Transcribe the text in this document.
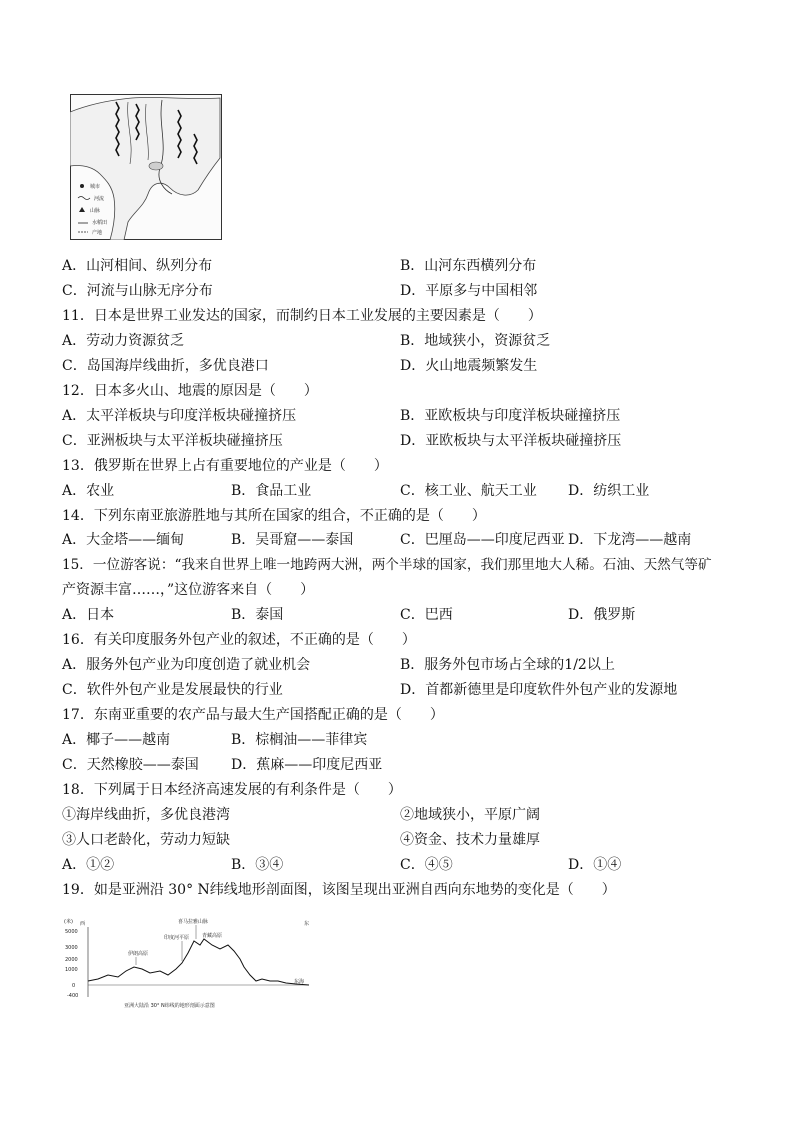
城市
河流
山脉
水稻田
产地
A．山河相间、纵列分布	B．山河东西横列分布
C．河流与山脉无序分布	D．平原多与中国相邻
11．日本是世界工业发达的国家，而制约日本工业发展的主要因素是（　　）
A．劳动力资源贫乏	B．地域狭小，资源贫乏
C．岛国海岸线曲折，多优良港口	D．火山地震频繁发生
12．日本多火山、地震的原因是（　　）
A．太平洋板块与印度洋板块碰撞挤压	B．亚欧板块与印度洋板块碰撞挤压
C．亚洲板块与太平洋板块碰撞挤压	D．亚欧板块与太平洋板块碰撞挤压
13．俄罗斯在世界上占有重要地位的产业是（　　）
A．农业	B．食品工业	C．核工业、航天工业 D．纺织工业
14．下列东南亚旅游胜地与其所在国家的组合，不正确的是（　　）
A．大金塔——缅甸	B．吴哥窟——泰国	C．巴厘岛——印度尼西亚 D．下龙湾——越南
15．一位游客说：“我来自世界上唯一地跨两大洲，两个半球的国家，我们那里地大人稀。石油、天然气等矿
产资源丰富……，”这位游客来自（　　）
A．日本	B．泰国	C．巴西	D．俄罗斯
16．有关印度服务外包产业的叙述，不正确的是（　　）
A．服务外包产业为印度创造了就业机会	B．服务外包市场占全球的1/2以上
C．软件外包产业是发展最快的行业	D．首都新德里是印度软件外包产业的发源地
17．东南亚重要的农产品与最大生产国搭配正确的是（　　）
A．椰子——越南	B．棕榈油——菲律宾
C．天然橡胶——泰国 D．蕉麻——印度尼西亚
18．下列属于日本经济高速发展的有利条件是（　　）
①海岸线曲折，多优良港湾	②地域狭小，平原广阔
③人口老龄化，劳动力短缺	④资金、技术力量雄厚
A．①②	B．③④	C．④⑤	D．①④
19．如是亚洲沿 30° N纬线地形剖面图，该图呈现出亚洲自西向东地势的变化是（　　）
(米) 西	东
5000
3000
2000
1000
0
-400
伊朗高原
印度河平原
喜马拉雅山脉
青藏高原
东海
亚洲大陆沿 30° N纬线的地形剖面示意图
